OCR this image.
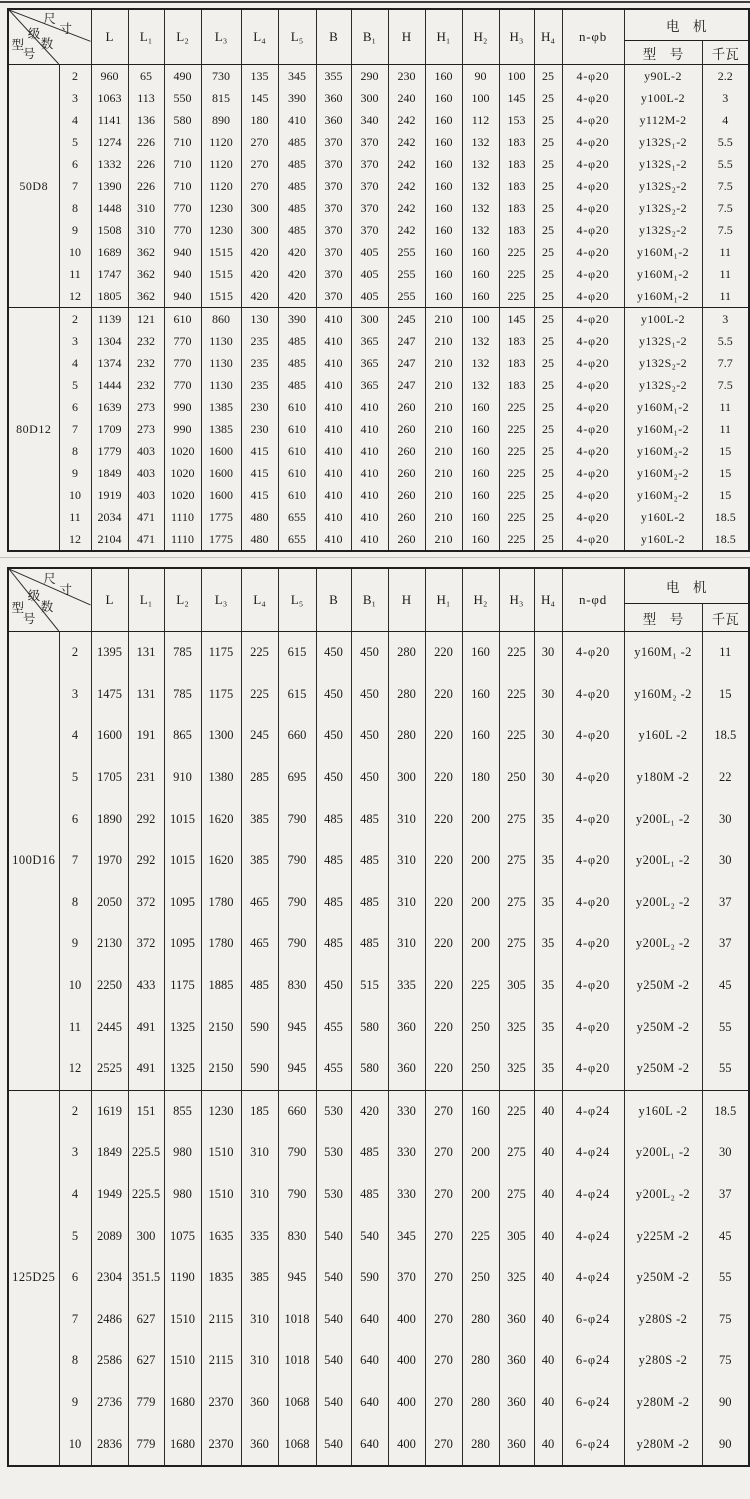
尺
寸
级
数
型
号
	L	L₁	L₂	L₃	L₄	L₅	B	B₁	H	H₁	H₂	H₃	H₄	n-φb	电　机
																型　号	千瓦
50D8	2	960	65	490	730	135	345	355	290	230	160	90	100	25	4-φ20	y90L-2	2.2
	3	1063	113	550	815	145	390	360	300	240	160	100	145	25	4-φ20	y100L-2	3
	4	1141	136	580	890	180	410	360	340	242	160	112	153	25	4-φ20	y112M-2	4
	5	1274	226	710	1120	270	485	370	370	242	160	132	183	25	4-φ20	y132S₁-2	5.5
	6	1332	226	710	1120	270	485	370	370	242	160	132	183	25	4-φ20	y132S₁-2	5.5
	7	1390	226	710	1120	270	485	370	370	242	160	132	183	25	4-φ20	y132S₂-2	7.5
	8	1448	310	770	1230	300	485	370	370	242	160	132	183	25	4-φ20	y132S₂-2	7.5
	9	1508	310	770	1230	300	485	370	370	242	160	132	183	25	4-φ20	y132S₂-2	7.5
	10	1689	362	940	1515	420	420	370	405	255	160	160	225	25	4-φ20	y160M₁-2	11
	11	1747	362	940	1515	420	420	370	405	255	160	160	225	25	4-φ20	y160M₁-2	11
	12	1805	362	940	1515	420	420	370	405	255	160	160	225	25	4-φ20	y160M₁-2	11
80D12	2	1139	121	610	860	130	390	410	300	245	210	100	145	25	4-φ20	y100L-2	3
	3	1304	232	770	1130	235	485	410	365	247	210	132	183	25	4-φ20	y132S₁-2	5.5
	4	1374	232	770	1130	235	485	410	365	247	210	132	183	25	4-φ20	y132S₂-2	7.7
	5	1444	232	770	1130	235	485	410	365	247	210	132	183	25	4-φ20	y132S₂-2	7.5
	6	1639	273	990	1385	230	610	410	410	260	210	160	225	25	4-φ20	y160M₁-2	11
	7	1709	273	990	1385	230	610	410	410	260	210	160	225	25	4-φ20	y160M₁-2	11
	8	1779	403	1020	1600	415	610	410	410	260	210	160	225	25	4-φ20	y160M₂-2	15
	9	1849	403	1020	1600	415	610	410	410	260	210	160	225	25	4-φ20	y160M₂-2	15
	10	1919	403	1020	1600	415	610	410	410	260	210	160	225	25	4-φ20	y160M₂-2	15
	11	2034	471	1110	1775	480	655	410	410	260	210	160	225	25	4-φ20	y160L-2	18.5
	12	2104	471	1110	1775	480	655	410	410	260	210	160	225	25	4-φ20	y160L-2	18.5
尺
寸
级
数
型
号
	L	L₁	L₂	L₃	L₄	L₅	B	B₁	H	H₁	H₂	H₃	H₄	n-φd	电　机
																型　号	千瓦
100D16	2	1395	131	785	1175	225	615	450	450	280	220	160	225	30	4-φ20	y160M₁ -2	11
	3	1475	131	785	1175	225	615	450	450	280	220	160	225	30	4-φ20	y160M₂ -2	15
	4	1600	191	865	1300	245	660	450	450	280	220	160	225	30	4-φ20	y160L -2	18.5
	5	1705	231	910	1380	285	695	450	450	300	220	180	250	30	4-φ20	y180M -2	22
	6	1890	292	1015	1620	385	790	485	485	310	220	200	275	35	4-φ20	y200L₁ -2	30
	7	1970	292	1015	1620	385	790	485	485	310	220	200	275	35	4-φ20	y200L₁ -2	30
	8	2050	372	1095	1780	465	790	485	485	310	220	200	275	35	4-φ20	y200L₂ -2	37
	9	2130	372	1095	1780	465	790	485	485	310	220	200	275	35	4-φ20	y200L₂ -2	37
	10	2250	433	1175	1885	485	830	450	515	335	220	225	305	35	4-φ20	y250M -2	45
	11	2445	491	1325	2150	590	945	455	580	360	220	250	325	35	4-φ20	y250M -2	55
	12	2525	491	1325	2150	590	945	455	580	360	220	250	325	35	4-φ20	y250M -2	55
125D25	2	1619	151	855	1230	185	660	530	420	330	270	160	225	40	4-φ24	y160L -2	18.5
	3	1849	225.5	980	1510	310	790	530	485	330	270	200	275	40	4-φ24	y200L₁ -2	30
	4	1949	225.5	980	1510	310	790	530	485	330	270	200	275	40	4-φ24	y200L₂ -2	37
	5	2089	300	1075	1635	335	830	540	540	345	270	225	305	40	4-φ24	y225M -2	45
	6	2304	351.5	1190	1835	385	945	540	590	370	270	250	325	40	4-φ24	y250M -2	55
	7	2486	627	1510	2115	310	1018	540	640	400	270	280	360	40	6-φ24	y280S -2	75
	8	2586	627	1510	2115	310	1018	540	640	400	270	280	360	40	6-φ24	y280S -2	75
	9	2736	779	1680	2370	360	1068	540	640	400	270	280	360	40	6-φ24	y280M -2	90
	10	2836	779	1680	2370	360	1068	540	640	400	270	280	360	40	6-φ24	y280M -2	90
